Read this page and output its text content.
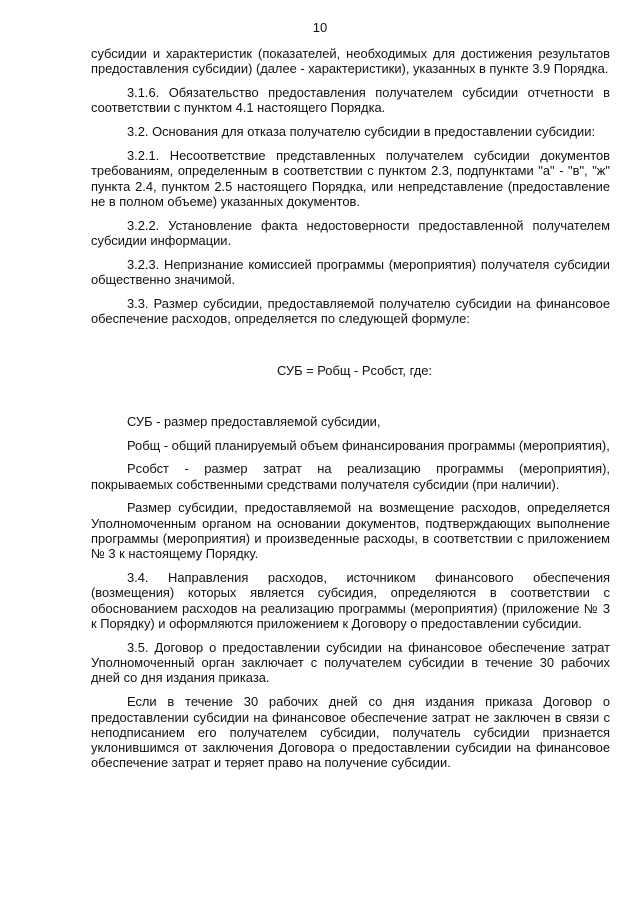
10

субсидии и характеристик (показателей, необходимых для достижения результатов предоставления субсидии) (далее - характеристики), указанных в пункте 3.9 Порядка.

3.1.6. Обязательство предоставления получателем субсидии отчетности в соответствии с пунктом 4.1 настоящего Порядка.

3.2. Основания для отказа получателю субсидии в предоставлении субсидии:

3.2.1. Несоответствие представленных получателем субсидии документов требованиям, определенным в соответствии с пунктом 2.3, подпунктами "а" - "в", "ж" пункта 2.4, пунктом 2.5 настоящего Порядка, или непредставление (предоставление не в полном объеме) указанных документов.

3.2.2. Установление факта недостоверности предоставленной получателем субсидии информации.

3.2.3. Непризнание комиссией программы (мероприятия) получателя субсидии общественно значимой.

3.3. Размер субсидии, предоставляемой получателю субсидии на финансовое обеспечение расходов, определяется по следующей формуле:

СУБ = Робщ - Рсобст, где:

СУБ - размер предоставляемой субсидии,

Робщ - общий планируемый объем финансирования программы (мероприятия),

Рсобст - размер затрат на реализацию программы (мероприятия), покрываемых собственными средствами получателя субсидии (при наличии).

Размер субсидии, предоставляемой на возмещение расходов, определяется Уполномоченным органом на основании документов, подтверждающих выполнение программы (мероприятия) и произведенные расходы, в соответствии с приложением № 3 к настоящему Порядку.

3.4. Направления расходов, источником финансового обеспечения (возмещения) которых является субсидия, определяются в соответствии с обоснованием расходов на реализацию программы (мероприятия) (приложение № 3 к Порядку) и оформляются приложением к Договору о предоставлении субсидии.

3.5. Договор о предоставлении субсидии на финансовое обеспечение затрат Уполномоченный орган заключает с получателем субсидии в течение 30 рабочих дней со дня издания приказа.

Если в течение 30 рабочих дней со дня издания приказа Договор о предоставлении субсидии на финансовое обеспечение затрат не заключен в связи с неподписанием его получателем субсидии, получатель субсидии признается уклонившимся от заключения Договора о предоставлении субсидии на финансовое обеспечение затрат и теряет право на получение субсидии.
